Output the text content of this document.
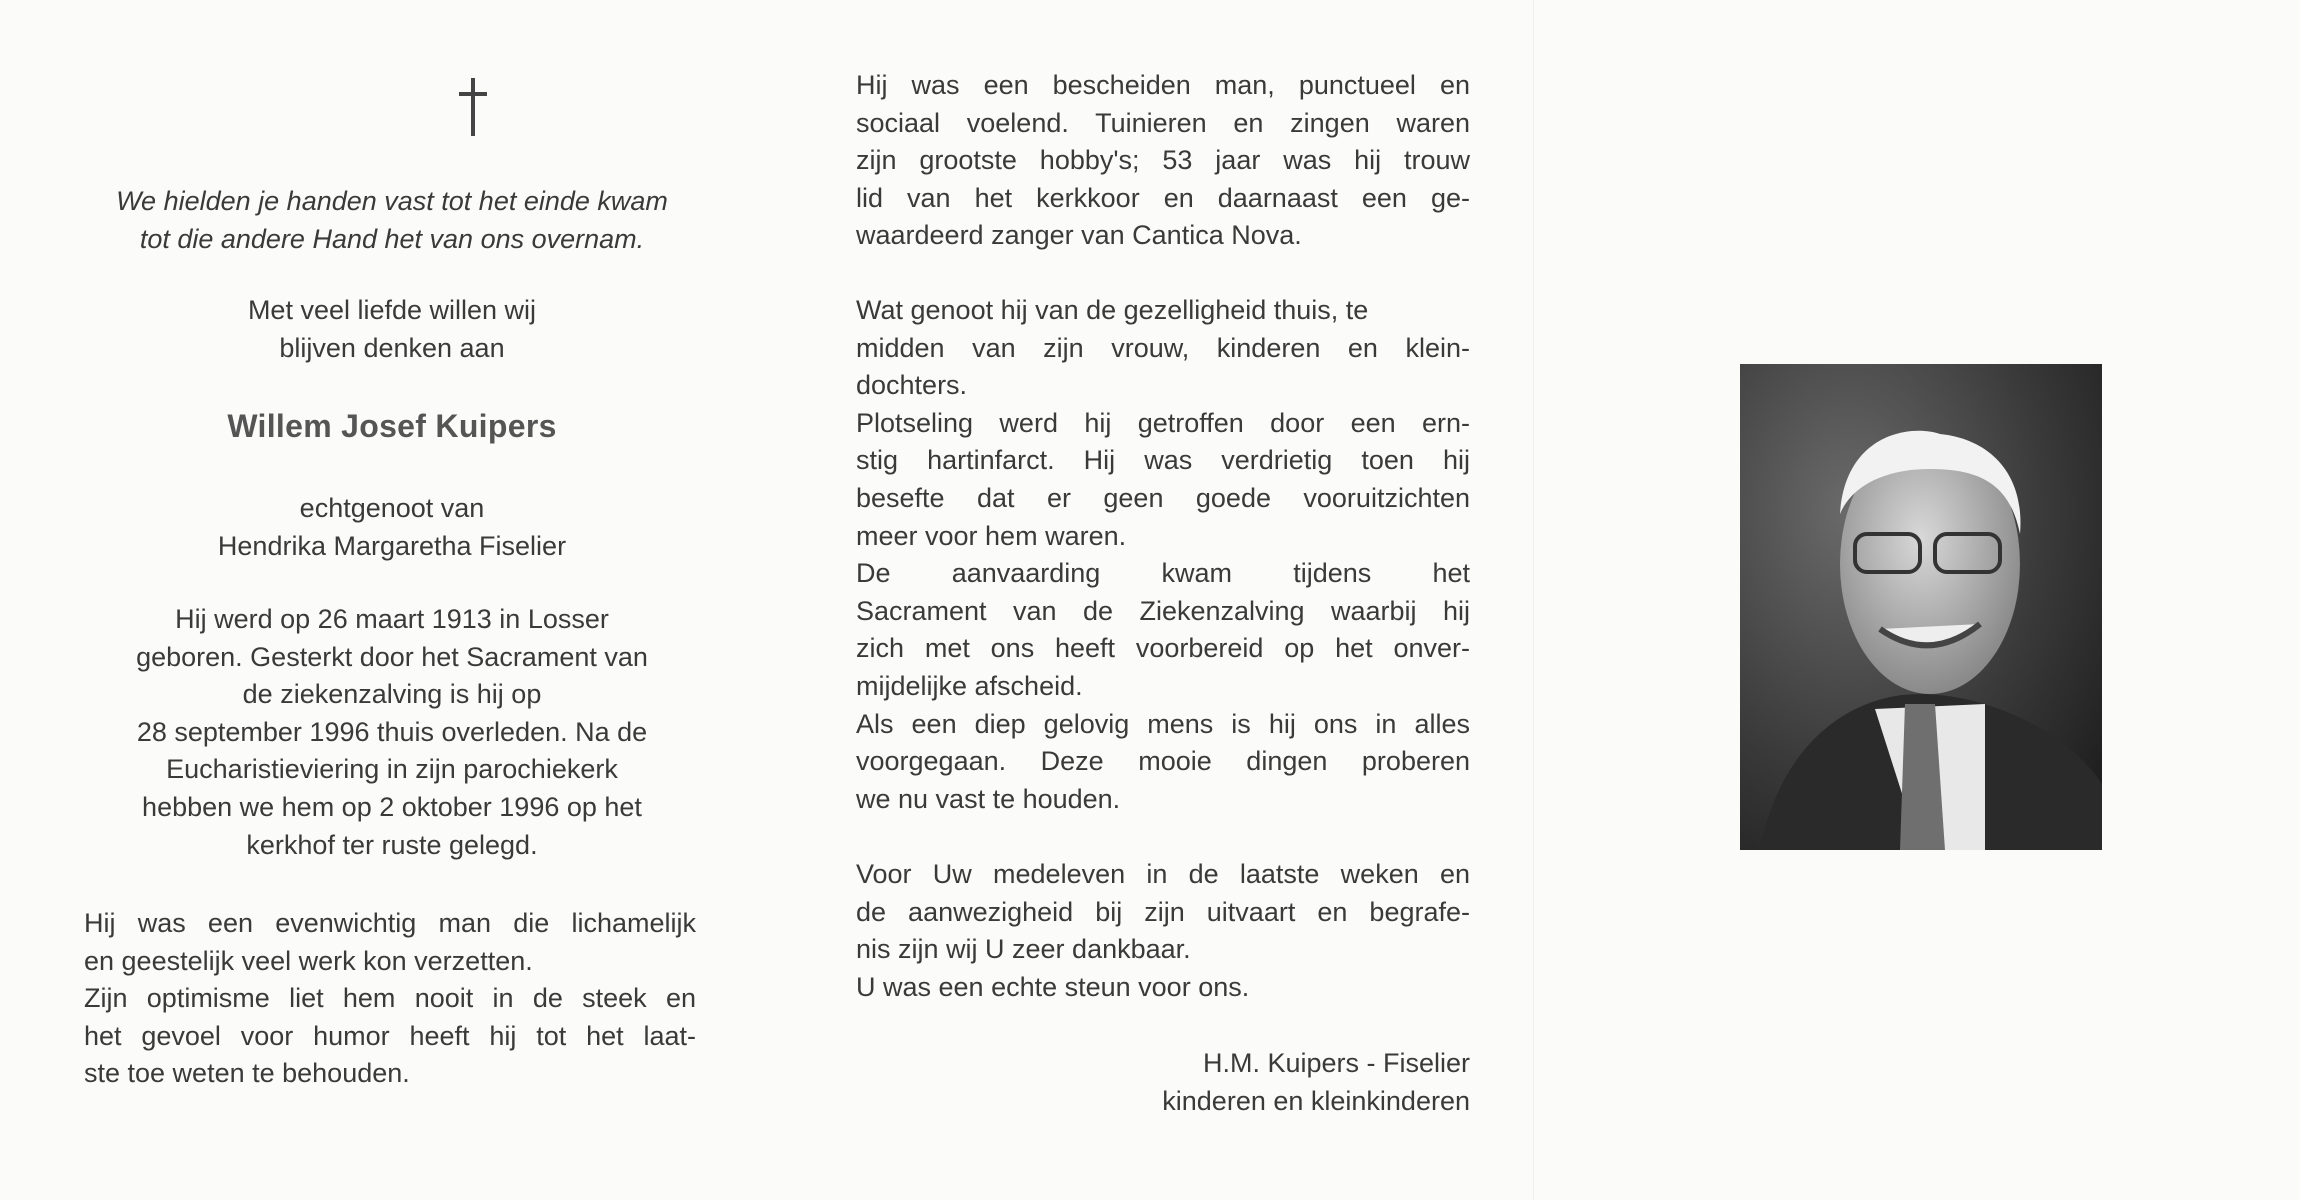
We hielden je handen vast tot het einde kwam
tot die andere Hand het van ons overnam.
Met veel liefde willen wij
blijven denken aan
Willem Josef Kuipers
echtgenoot van
Hendrika Margaretha Fiselier
Hij werd op 26 maart 1913 in Losser
geboren. Gesterkt door het Sacrament van
de ziekenzalving is hij op
28 september 1996 thuis overleden. Na de
Eucharistieviering in zijn parochiekerk
hebben we hem op 2 oktober 1996 op het
kerkhof ter ruste gelegd.
Hij was een evenwichtig man die lichamelijk
en geestelijk veel werk kon verzetten.
Zijn optimisme liet hem nooit in de steek en
het gevoel voor humor heeft hij tot het laat-
ste toe weten te behouden.
Hij was een bescheiden man, punctueel en
sociaal voelend. Tuinieren en zingen waren
zijn grootste hobby's; 53 jaar was hij trouw
lid van het kerkkoor en daarnaast een ge-
waardeerd zanger van Cantica Nova.
Wat genoot hij van de gezelligheid thuis, te
midden van zijn vrouw, kinderen en klein-
dochters.
Plotseling werd hij getroffen door een ern-
stig hartinfarct. Hij was verdrietig toen hij
besefte dat er geen goede vooruitzichten
meer voor hem waren.
De aanvaarding kwam tijdens het
Sacrament van de Ziekenzalving waarbij hij
zich met ons heeft voorbereid op het onver-
mijdelijke afscheid.
Als een diep gelovig mens is hij ons in alles
voorgegaan. Deze mooie dingen proberen
we nu vast te houden.
Voor Uw medeleven in de laatste weken en
de aanwezigheid bij zijn uitvaart en begrafe-
nis zijn wij U zeer dankbaar.
U was een echte steun voor ons.
H.M. Kuipers - Fiselier
kinderen en kleinkinderen
